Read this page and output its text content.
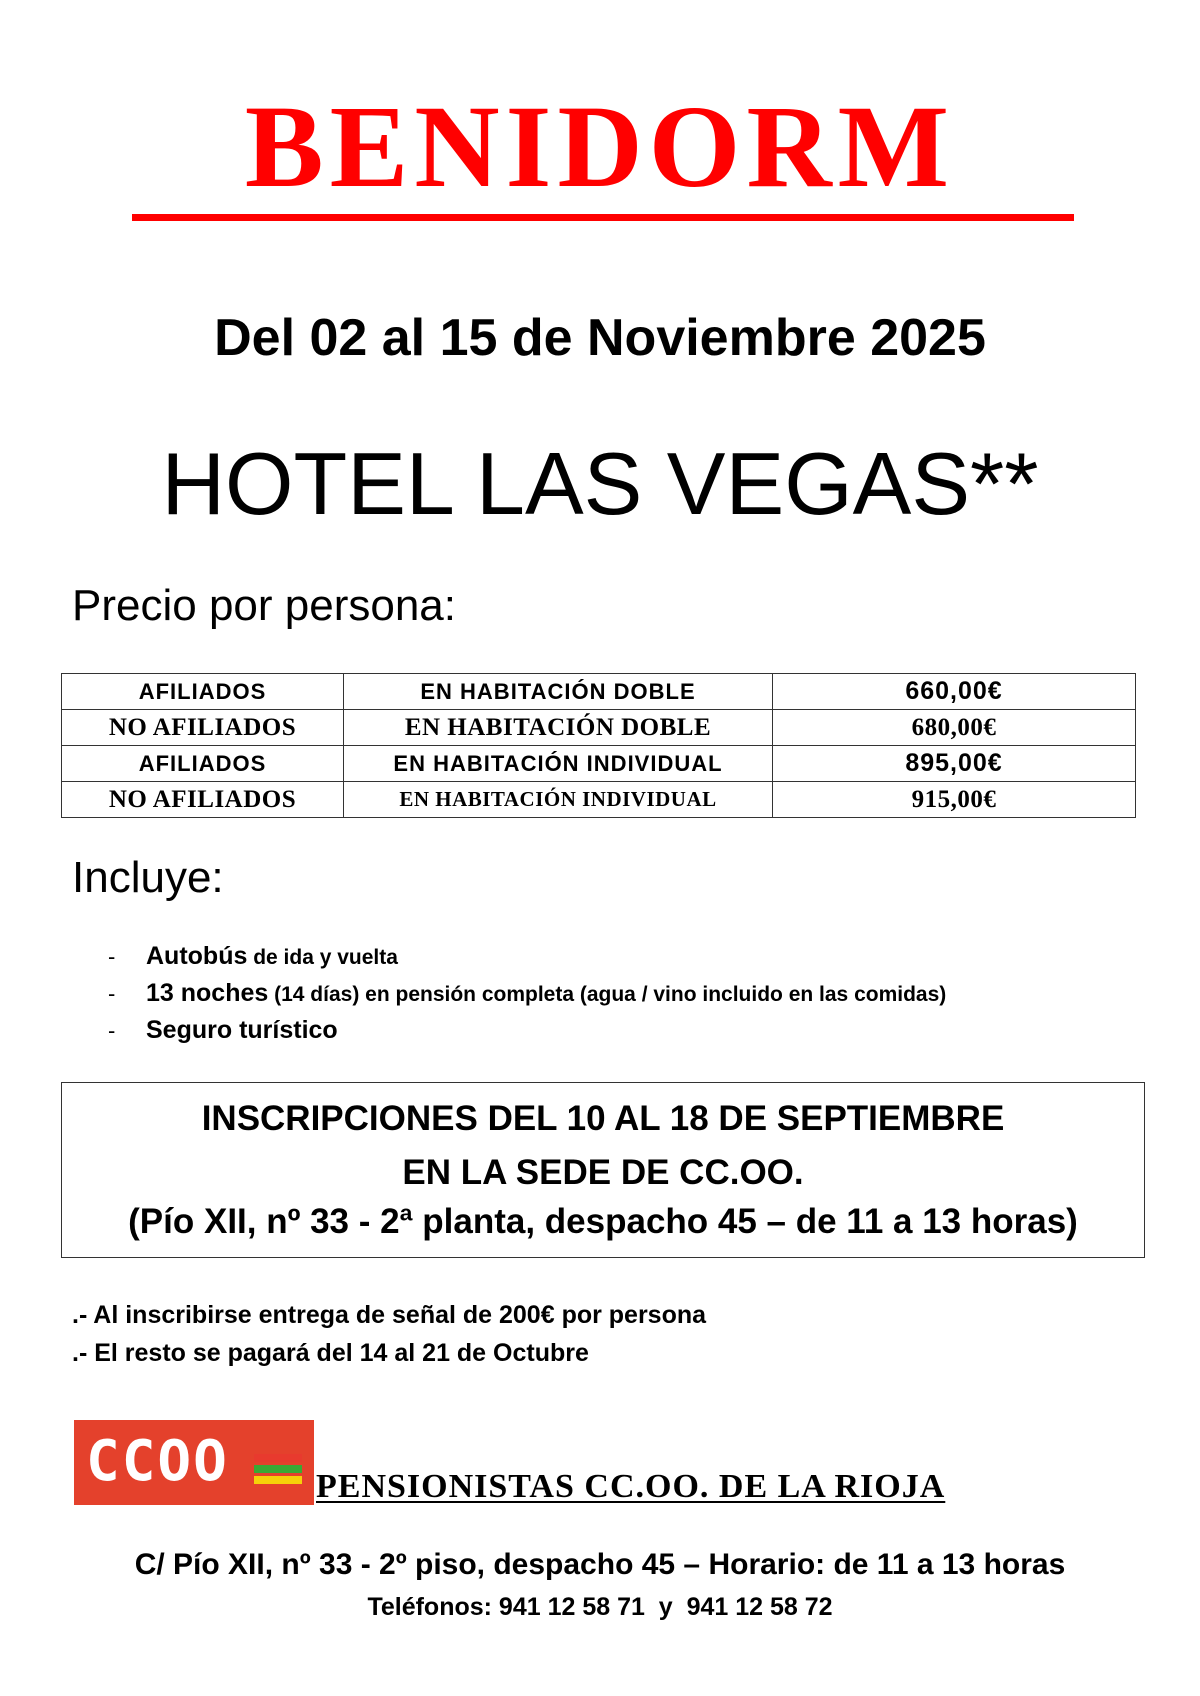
BENIDORM
Del 02 al 15 de Noviembre 2025
HOTEL LAS VEGAS**
Precio por persona:
AFILIADOS	EN HABITACIÓN DOBLE	660,00€
NO AFILIADOS	EN HABITACIÓN DOBLE	680,00€
AFILIADOS	EN HABITACIÓN INDIVIDUAL	895,00€
NO AFILIADOS	EN HABITACIÓN INDIVIDUAL	915,00€
Incluye:
- Autobús de ida y vuelta
- 13 noches (14 días) en pensión completa (agua / vino incluido en las comidas)
- Seguro turístico
INSCRIPCIONES DEL 10 AL 18 DE SEPTIEMBRE
EN LA SEDE DE CC.OO.
(Pío XII, nº 33 - 2ª planta, despacho 45 – de 11 a 13 horas)
.- Al inscribirse entrega de señal de 200€ por persona
.- El resto se pagará del 14 al 21 de Octubre
CCOO	PENSIONISTAS CC.OO. DE LA RIOJA
C/ Pío XII, nº 33 - 2º piso, despacho 45 – Horario: de 11 a 13 horas
Teléfonos: 941 12 58 71  y  941 12 58 72
